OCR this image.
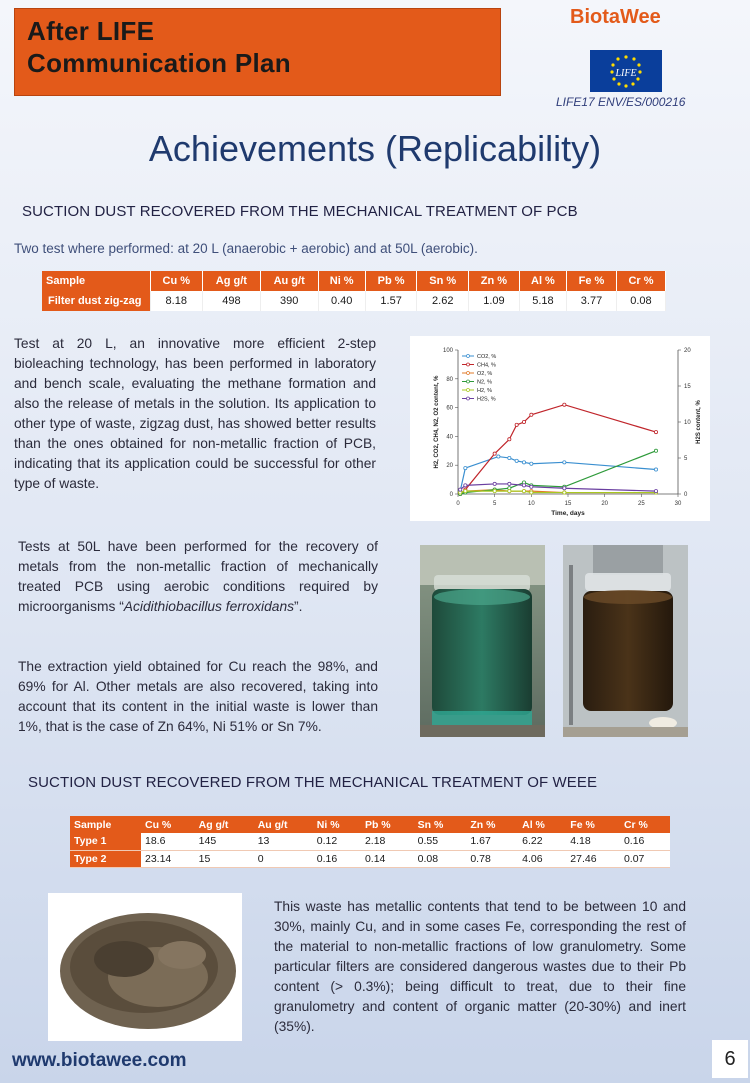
After LIFE
Communication Plan
BiotaWee
LIFE
LIFE17 ENV/ES/000216
Achievements (Replicability)
SUCTION DUST RECOVERED FROM THE MECHANICAL TREATMENT OF PCB
Two test where performed: at 20 L (anaerobic + aerobic) and at 50L (aerobic).
Sample	Cu %	Ag g/t	Au g/t	Ni %	Pb %	Sn %	Zn %	Al %	Fe %	Cr %
Filter dust zig-zag	8.18	498	390	0.40	1.57	2.62	1.09	5.18	3.77	0.08
Test at 20 L, an innovative more efficient 2-step bioleaching technology, has been performed in laboratory and bench scale, evaluating the methane formation and also the release of metals in the solution. Its application to other type of waste, zigzag dust, has showed better results than the ones obtained for non-metallic fraction of PCB, indicating that its application could be successful for other type of waste.
0	5	10	15	20	25	30
0
20
40
60
80
100
0
5
10
15
20
Time, days
H2, CO2, CH4, N2, O2 content, %	H2S content, %
CO2, %
CH4, %
O2, %
N2, %
H2, %
H2S, %
Tests at 50L have been performed for the recovery of metals from the non-metallic fraction of mechanically treated PCB using aerobic conditions required by microorganisms “Acidithiobacillus ferroxidans”.
The extraction yield obtained for Cu reach the 98%, and 69% for Al. Other metals are also recovered, taking into account that its content in the initial waste is lower than 1%, that is the case of Zn 64%, Ni 51% or Sn 7%.
SUCTION DUST RECOVERED FROM THE MECHANICAL TREATMENT OF WEEE
Sample	Cu %	Ag g/t	Au g/t	Ni %	Pb %	Sn %	Zn %	Al %	Fe %	Cr %
Type 1	18.6	145	13	0.12	2.18	0.55	1.67	6.22	4.18	0.16
Type 2	23.14	15	0	0.16	0.14	0.08	0.78	4.06	27.46	0.07
This waste has metallic contents that tend to be between 10 and 30%, mainly Cu, and in some cases Fe, corresponding the rest of the material to non-metallic fractions of low granulometry. Some particular filters are considered dangerous wastes due to their Pb content (> 0.3%); being difficult to treat, due to their fine granulometry and content of organic matter (20-30%) and inert (35%).
www.biotawee.com	6
